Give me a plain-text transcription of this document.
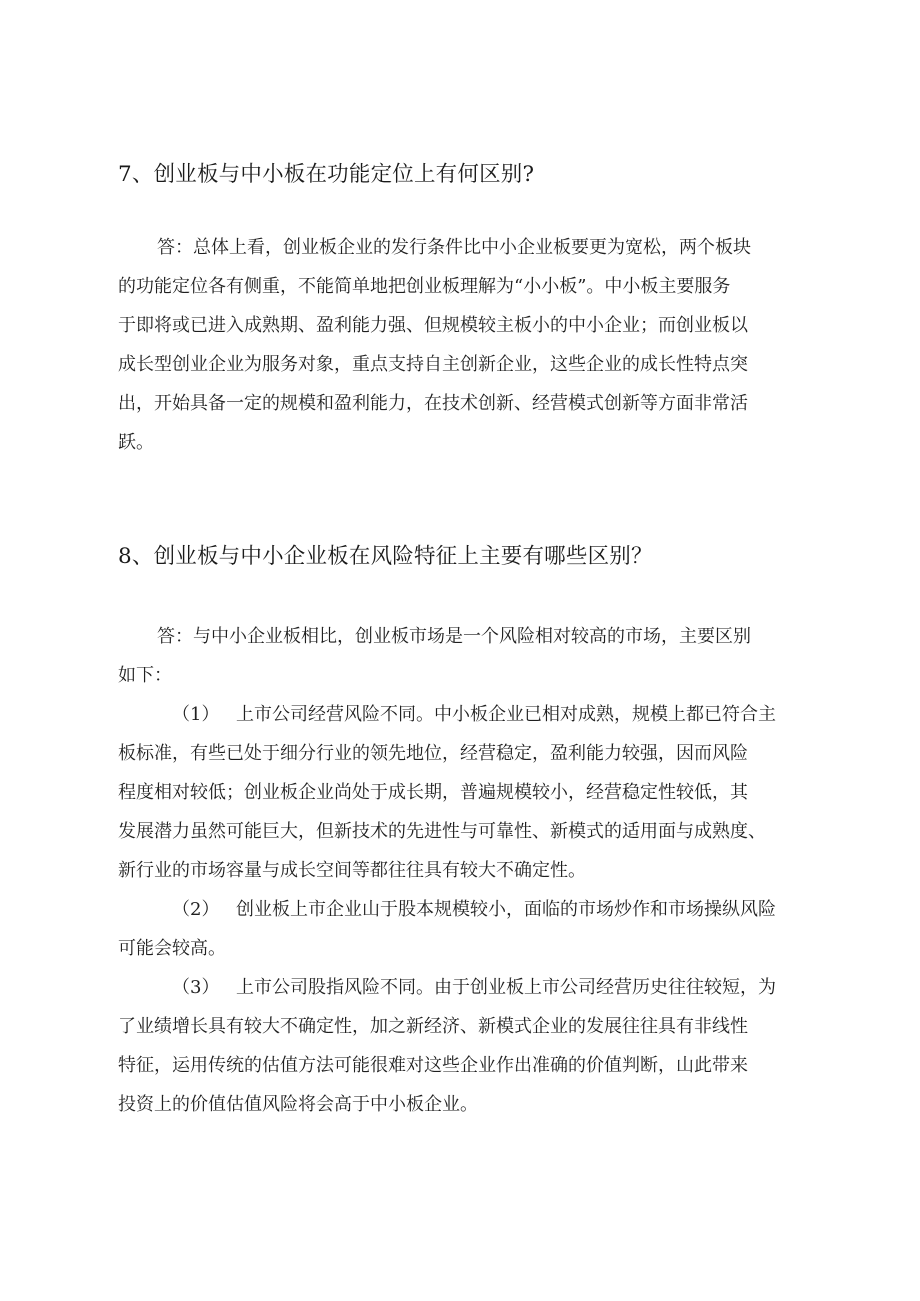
7、创业板与中小板在功能定位上有何区别?
答：总体上看，创业板企业的发行条件比中小企业板要更为宽松，两个板块
的功能定位各有侧重，不能简单地把创业板理解为“小小板”。中小板主要服务
于即将或已进入成熟期、盈利能力强、但规模较主板小的中小企业；而创业板以
成长型创业企业为服务对象，重点支持自主创新企业，这些企业的成长性特点突
出，开始具备一定的规模和盈利能力，在技术创新、经营模式创新等方面非常活
跃。
8、创业板与中小企业板在风险特征上主要有哪些区别？
答：与中小企业板相比，创业板市场是一个风险相对较高的市场，主要区别
如下：
（1） 上市公司经营风险不同。中小板企业已相对成熟，规模上都已符合主
板标准，有些已处于细分行业的领先地位，经营稳定，盈利能力较强，因而风险
程度相对较低；创业板企业尚处于成长期，普遍规模较小，经营稳定性较低，其
发展潜力虽然可能巨大，但新技术的先进性与可靠性、新模式的适用面与成熟度、
新行业的市场容量与成长空间等都往往具有较大不确定性。
（2） 创业板上市企业山于股本规模较小，面临的市场炒作和市场操纵风险
可能会较高。
（3） 上市公司股指风险不同。由于创业板上市公司经营历史往往较短，为
了业绩增长具有较大不确定性，加之新经济、新模式企业的发展往往具有非线性
特征，运用传统的估值方法可能很难对这些企业作出准确的价值判断，山此带来
投资上的价值估值风险将会高于中小板企业。
